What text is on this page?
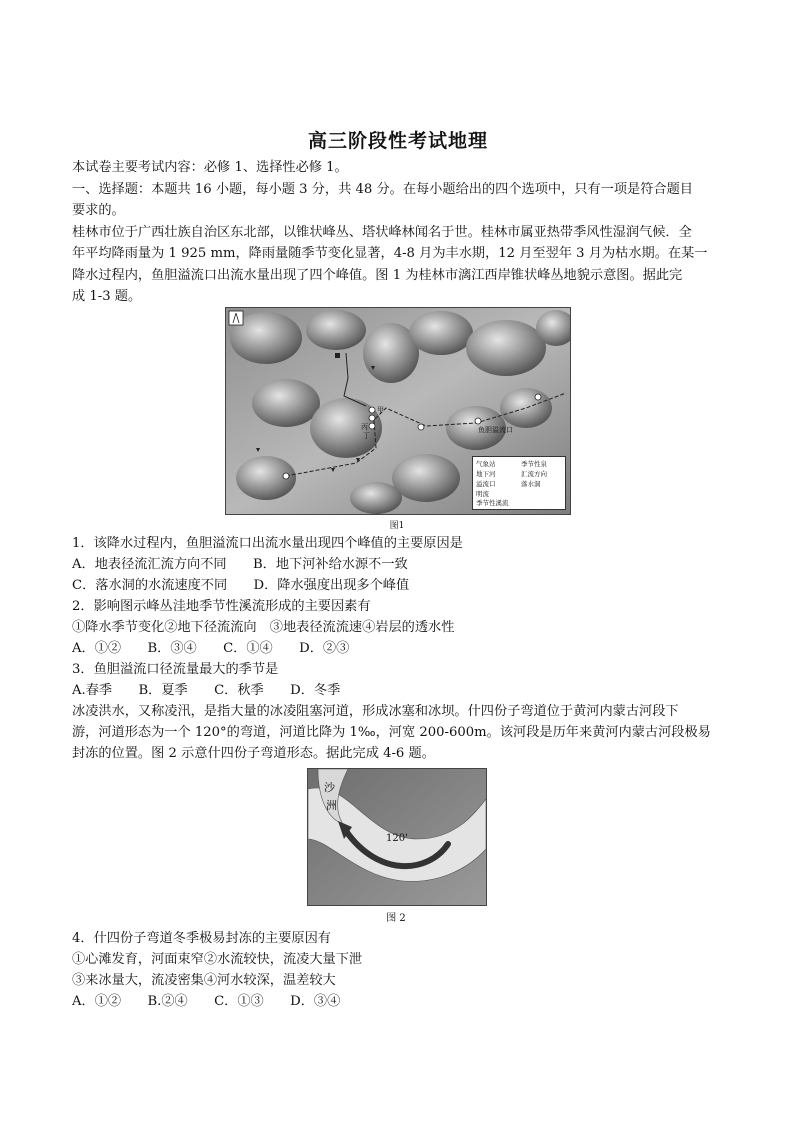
高三阶段性考试地理
本试卷主要考试内容：必修 1、选择性必修 1。
一、选择题：本题共 16 小题，每小题 3 分，共 48 分。在每小题给出的四个选项中，只有一项是符合题目
要求的。
桂林市位于广西壮族自治区东北部，以锥状峰丛、塔状峰林闻名于世。桂林市属亚热带季风性湿润气候．全
年平均降雨量为 1 925 mm，降雨量随季节变化显著，4-8 月为丰水期，12 月至翌年 3 月为枯水期。在某一
降水过程内，鱼胆溢流口出流水量出现了四个峰值。图 1 为桂林市漓江西岸锥状峰丛地貌示意图。据此完
成 1-3 题。
甲
丙
丁
鱼胆溢流口
气象站	季节性泉
地下河	汇流方向
溢流口	落水洞
明流
季节性溪流
图1
1．该降水过程内，鱼胆溢流口出流水量出现四个峰值的主要原因是
A．地表径流汇流方向不同　　B．地下河补给水源不一致
C．落水洞的水流速度不同　　D．降水强度出现多个峰值
2．影响图示峰丛洼地季节性溪流形成的主要因素有
①降水季节变化②地下径流流向　③地表径流流速④岩层的透水性
A．①②　　B．③④　　C．①④　　D．②③
3．鱼胆溢流口径流量最大的季节是
A.春季　　B．夏季　　C．秋季　　D．冬季
冰凌洪水，又称凌汛，是指大量的冰凌阻塞河道，形成冰塞和冰坝。什四份子弯道位于黄河内蒙古河段下
游，河道形态为一个 120°的弯道，河道比降为 1‰，河宽 200-600m。该河段是历年来黄河内蒙古河段极易
封冻的位置。图 2 示意什四份子弯道形态。据此完成 4-6 题。
120'
沙
洲
图 2
4．什四份子弯道冬季极易封冻的主要原因有
①心滩发育，河面束窄②水流较快，流凌大量下泄
③来冰量大，流凌密集④河水较深，温差较大
A．①②　　B.②④　　C．①③　　D．③④
